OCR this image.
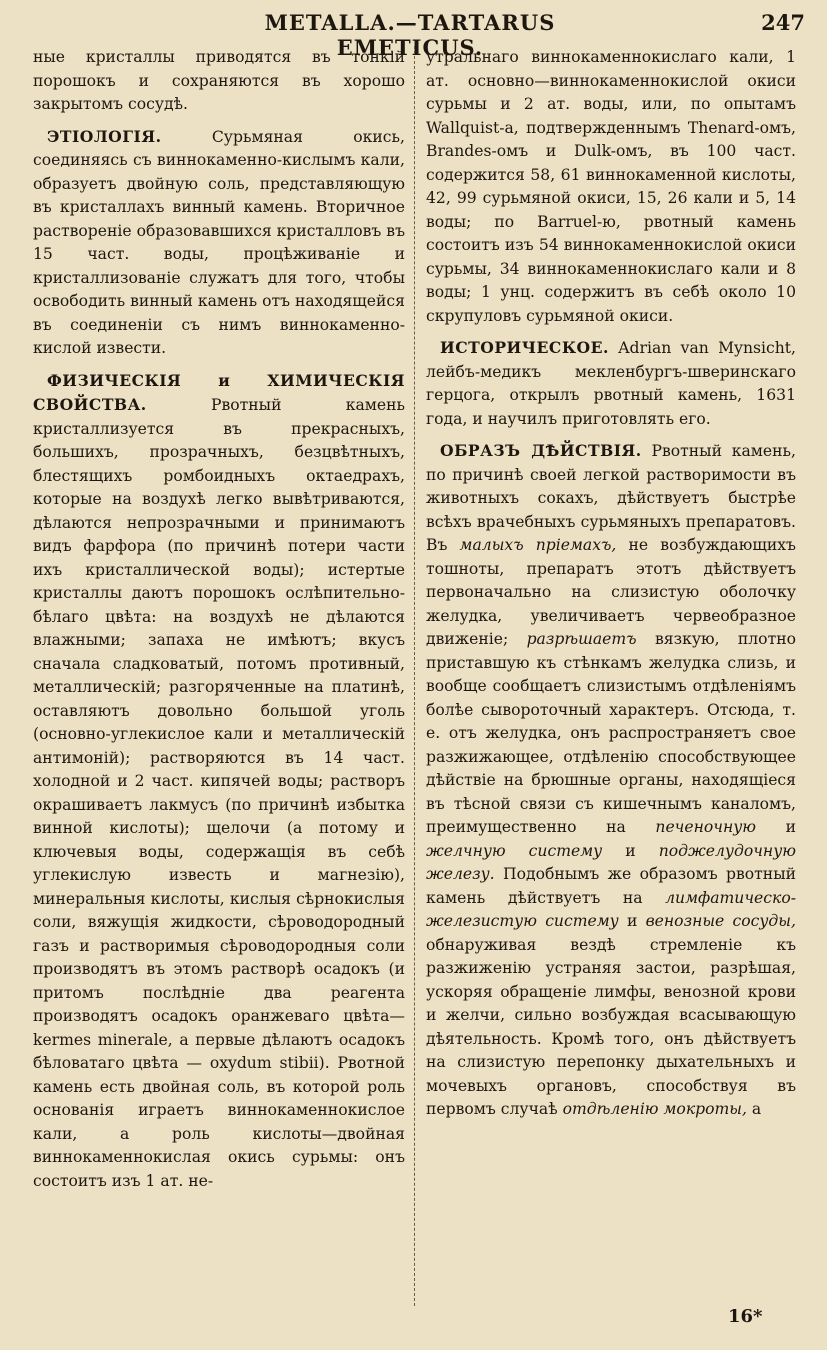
METALLA.—TARTARUS EMETICUS.
247

ные кристаллы приводятся въ тонкій порошокъ и сохраняются въ хорошо закрытомъ сосудѣ.

ЭТІОЛОГІЯ.	Сурьмяная окись, соединяясь съ виннокаменно-кислымъ кали, образуетъ двойную соль, представляющую въ кристаллахъ винный камень. Вторичное раствореніе образовавшихся кристалловъ въ 15 част. воды, процѣживаніе и кристаллизованіе служатъ для того, чтобы освободить винный камень отъ находящейся въ соединеніи съ нимъ виннокаменно-кислой извести.

ФИЗИЧЕСКІЯ и ХИМИЧЕСКІЯ СВОЙСТВА.	Рвотный камень кристаллизуется въ прекрасныхъ, большихъ, прозрачныхъ, безцвѣтныхъ, блестящихъ ромбоидныхъ октаедрахъ, которые на воздухѣ легко вывѣтриваются, дѣлаются непрозрачными и принимаютъ видъ фарфора (по причинѣ потери части ихъ кристаллической воды); истертые кристаллы даютъ порошокъ ослѣпительно-бѣлаго цвѣта: на воздухѣ не дѣлаются влажными; запаха не имѣютъ; вкусъ сначала сладковатый, потомъ противный, металлическій; разгоряченные на платинѣ, оставляютъ довольно большой уголь (основно-углекислое кали и металлическій антимоній); растворяются въ 14 част. холодной и 2 част. кипячей воды; растворъ окрашиваетъ лакмусъ (по причинѣ избытка винной кислоты); щелочи (а потому и ключевыя воды, содержащія въ себѣ углекислую известь и магнезію), минеральныя кислоты, кислыя сѣрнокислыя соли, вяжущія жидкости, сѣроводородный газъ и растворимыя сѣроводородныя соли производятъ въ этомъ растворѣ осадокъ (и притомъ послѣдніе два реагента производятъ осадокъ оранжеваго цвѣта—kermes minerale, а первые дѣлаютъ осадокъ бѣловатаго цвѣта — oxydum stibii). Рвотной камень есть двойная соль, въ которой роль основанія играетъ виннокаменнокислое кали, а роль кислоты—двойная виннокаменнокислая окись сурьмы: онъ состоитъ изъ 1 ат. не-

утральнаго виннокаменнокислаго кали, 1 ат. основно—виннокаменнокислой окиси сурьмы и 2 ат. воды, или, по опытамъ Wallquist-а, подтвержденнымъ Thenard-омъ, Brandes-омъ и Dulk-омъ, въ 100 част. содержится 58, 61 виннокаменной кислоты, 42, 99 сурьмяной окиси, 15, 26 кали и 5, 14 воды; по Barruel-ю, рвотный камень состоитъ изъ 54 виннокаменнокислой окиси сурьмы, 34 виннокаменнокислаго кали и 8 воды; 1 унц. содержитъ въ себѣ около 10 скрупуловъ сурьмяной окиси.

ИСТОРИЧЕСКОЕ. Adrian van Mynsicht, лейбъ-медикъ мекленбургъ-шверинскаго герцога, открылъ рвотный камень, 1631 года, и научилъ приготовлять его.

ОБРАЗЪ ДѢЙСТВІЯ. Рвотный камень, по причинѣ своей легкой растворимости въ животныхъ сокахъ, дѣйствуетъ быстрѣе всѣхъ врачебныхъ сурьмяныхъ препаратовъ. Въ малыхъ пріемахъ, не возбуждающихъ тошноты, препаратъ этотъ дѣйствуетъ первоначально на слизистую оболочку желудка, увеличиваетъ червеобразное движеніе; разрѣшаетъ вязкую, плотно приставшую къ стѣнкамъ желудка слизь, и вообще сообщаетъ слизистымъ отдѣленіямъ болѣе сывороточный характеръ. Отсюда, т. е. отъ желудка, онъ распространяетъ свое разжижающее, отдѣленію способствующее дѣйствіе на брюшные органы, находящіеся въ тѣсной связи съ кишечнымъ каналомъ, преимущественно на печеночную и желчную систему и поджелудочную железу. Подобнымъ же образомъ рвотный камень дѣйствуетъ на лимфатическо-железистую систему и венозные сосуды, обнаруживая вездѣ стремленіе къ разжиженію устраняя застои, разрѣшая, ускоряя обращеніе лимфы, венозной крови и желчи, сильно возбуждая всасывающую дѣятельность. Кромѣ того, онъ дѣйствуетъ на слизистую перепонку дыхательныхъ и мочевыхъ органовъ, способствуя въ первомъ случаѣ отдѣленію мокроты, а

16*
